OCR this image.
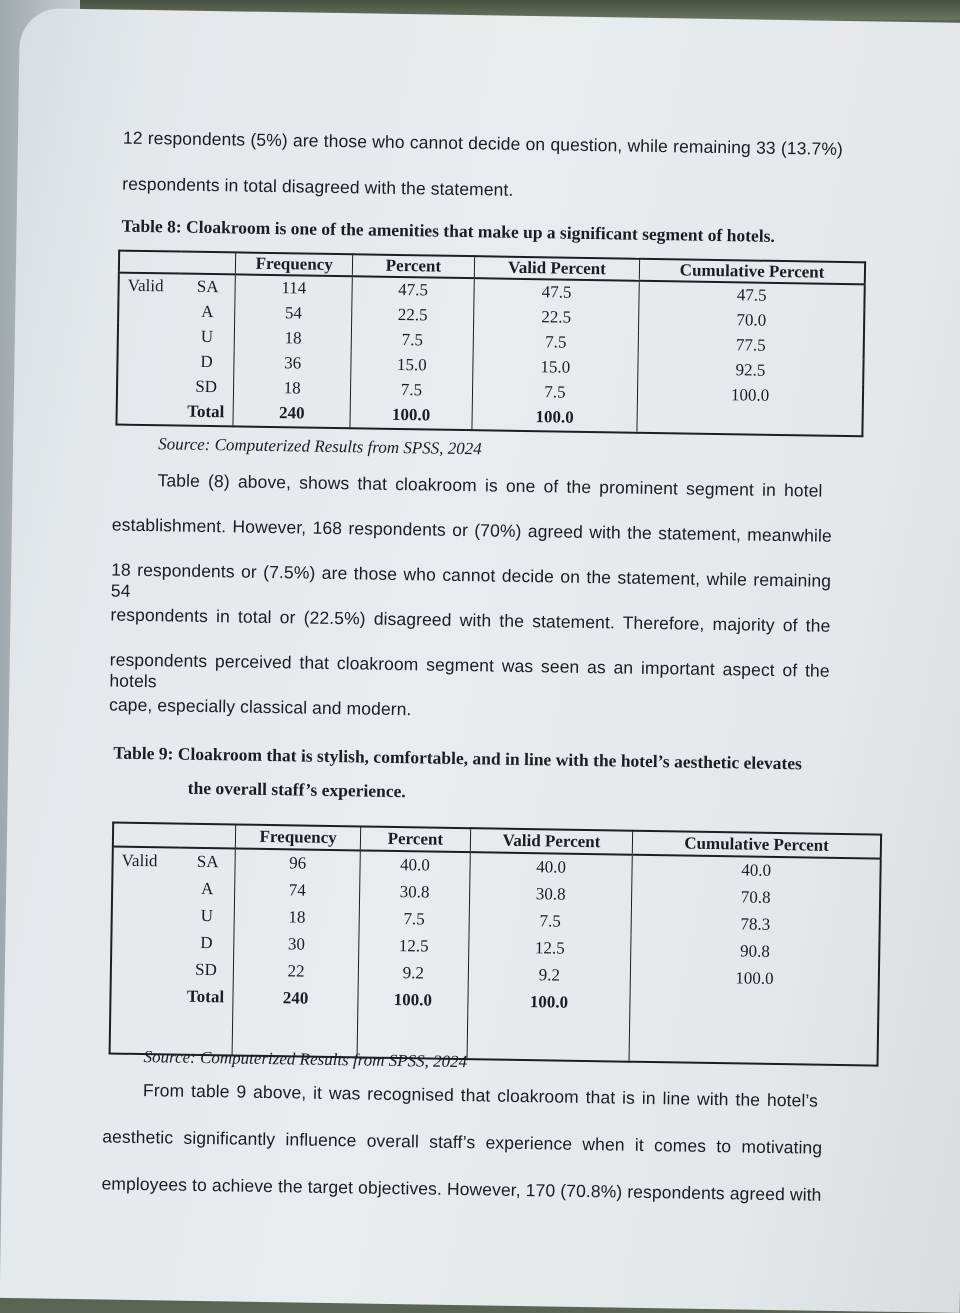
12 respondents (5%) are those who cannot decide on question, while remaining 33 (13.7%)

respondents in total disagreed with the statement.

Table 8: Cloakroom is one of the amenities that make up a significant segment of hotels.

		Frequency	Percent	Valid Percent	Cumulative Percent
Valid	SA	114	47.5	47.5	47.5
	A	54	22.5	22.5	70.0
	U	18	7.5	7.5	77.5
	D	36	15.0	15.0	92.5
	SD	18	7.5	7.5	100.0
	Total	240	100.0	100.0	

Source: Computerized Results from SPSS, 2024

Table (8) above, shows that cloakroom is one of the prominent segment in hotel

establishment. However, 168 respondents or (70%) agreed with the statement, meanwhile

18 respondents or (7.5%) are those who cannot decide on the statement, while remaining 54

respondents in total or (22.5%) disagreed with the statement. Therefore, majority of the

respondents perceived that cloakroom segment was seen as an important aspect of the hotels

cape, especially classical and modern.

Table 9: Cloakroom that is stylish, comfortable, and in line with the hotel’s aesthetic elevates

the overall staff’s experience.

		Frequency	Percent	Valid Percent	Cumulative Percent
Valid	SA	96	40.0	40.0	40.0
	A	74	30.8	30.8	70.8
	U	18	7.5	7.5	78.3
	D	30	12.5	12.5	90.8
	SD	22	9.2	9.2	100.0
	Total	240	100.0	100.0	

Source: Computerized Results from SPSS, 2024

From table 9 above, it was recognised that cloakroom that is in line with the hotel’s

aesthetic significantly influence overall staff’s experience when it comes to motivating

employees to achieve the target objectives. However, 170 (70.8%) respondents agreed with
